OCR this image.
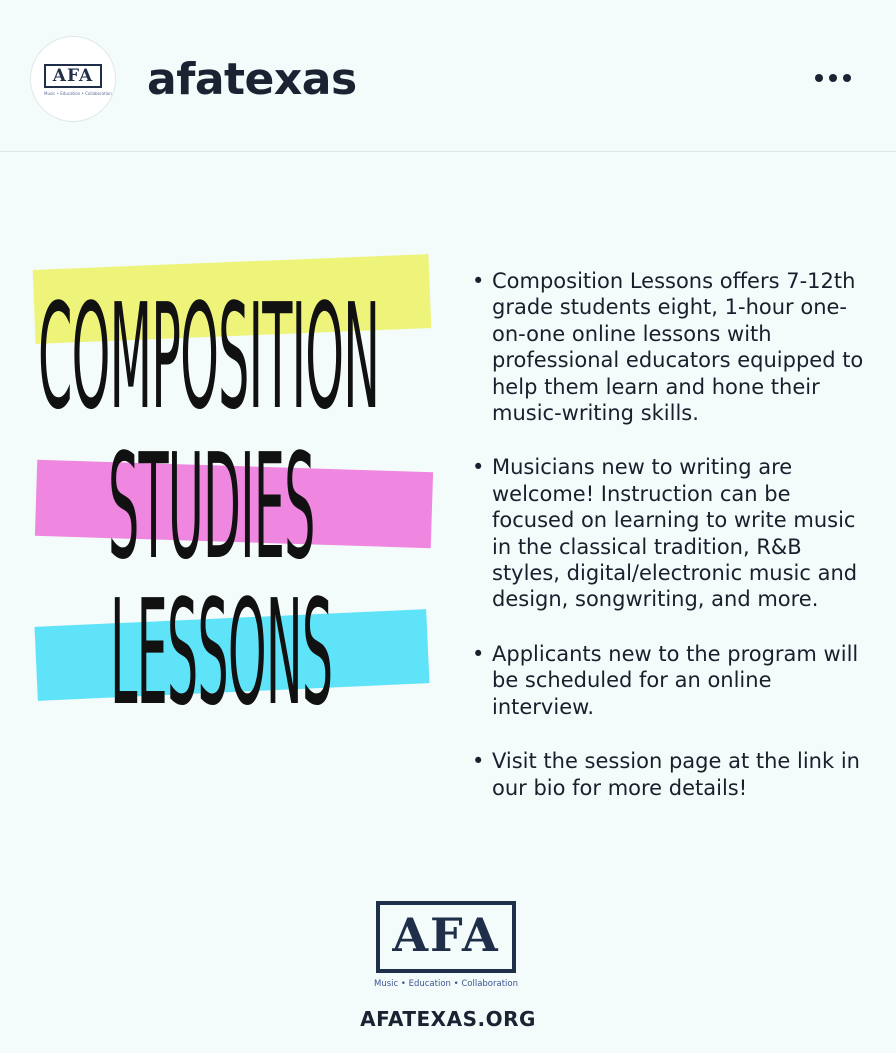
AFA
Music • Education • Collaboration afatexas
COMPOSITION
STUDIES
LESSONS
• Composition Lessons offers 7-12th grade students eight, 1-hour one-on-one online lessons with professional educators equipped to help them learn and hone their music-writing skills.
• Musicians new to writing are welcome! Instruction can be focused on learning to write music in the classical tradition, R&B styles, digital/electronic music and design, songwriting, and more.
• Applicants new to the program will be scheduled for an online interview.
• Visit the session page at the link in our bio for more details!
AFA
Music • Education • Collaboration
AFATEXAS.ORG
